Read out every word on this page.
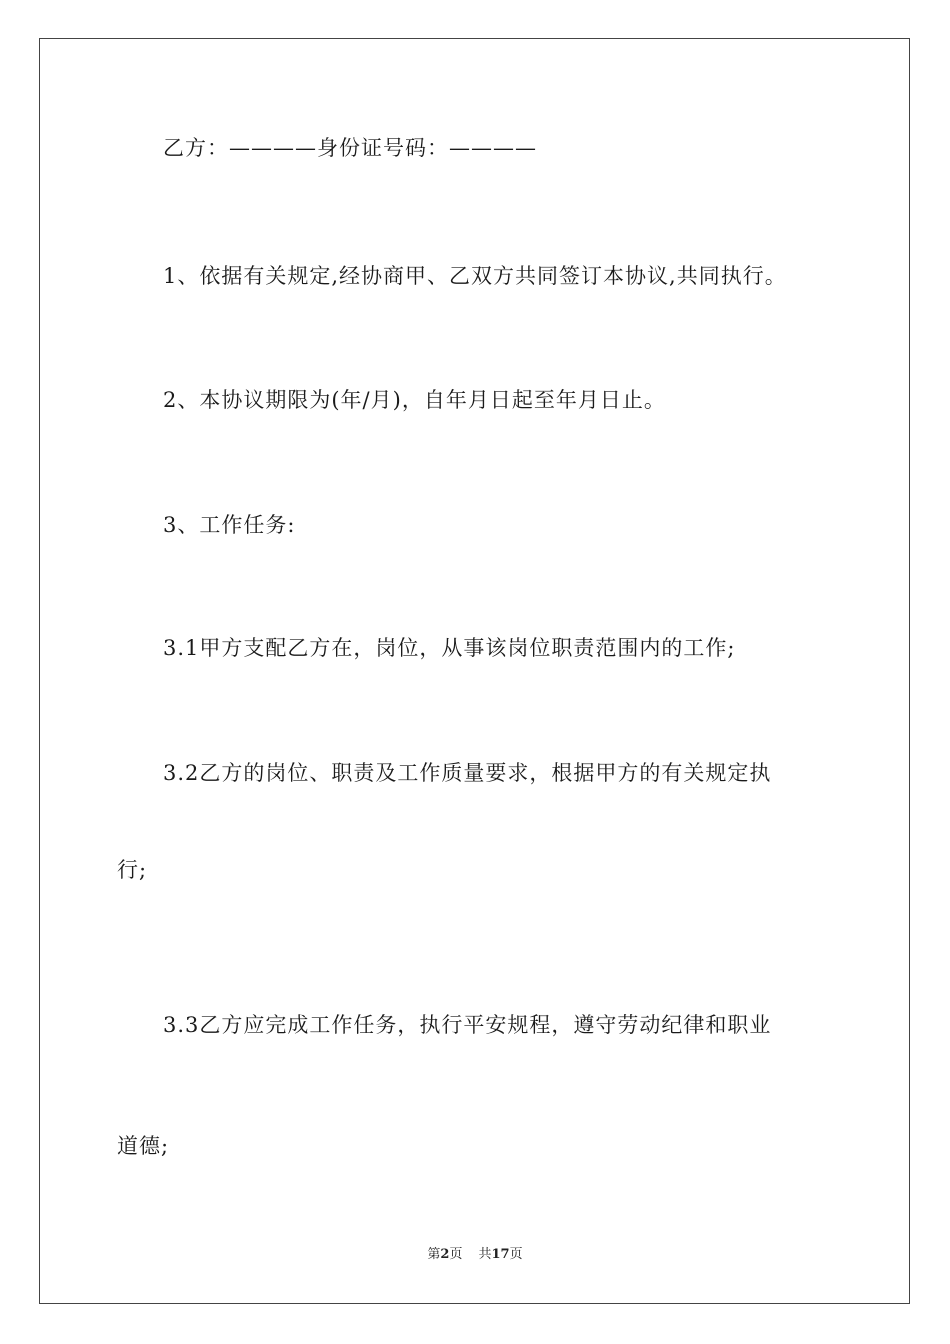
乙方：————身份证号码：————
1、依据有关规定,经协商甲、乙双方共同签订本协议,共同执行。
2、本协议期限为(年/月)，自年月日起至年月日止。
3、工作任务:
3.1甲方支配乙方在，岗位，从事该岗位职责范围内的工作;
3.2乙方的岗位、职责及工作质量要求，根据甲方的有关规定执
行;
3.3乙方应完成工作任务，执行平安规程，遵守劳动纪律和职业
道德;
第2页 共17页
